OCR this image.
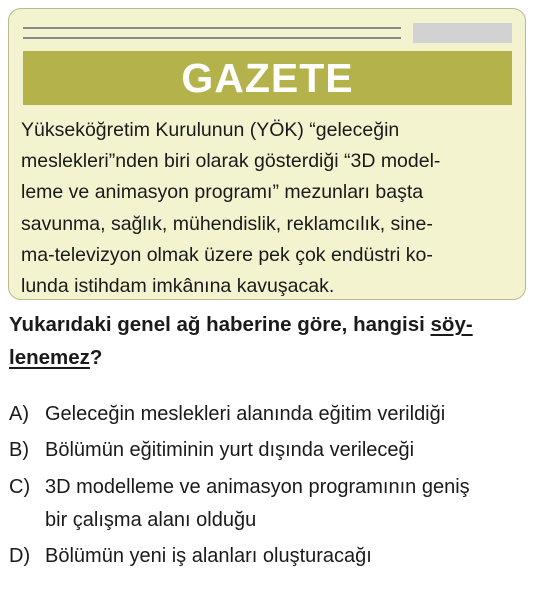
GAZETE

Yükseköğretim Kurulunun (YÖK) “geleceğin
meslekleri”nden biri olarak gösterdiği “3D model-
leme ve animasyon programı” mezunları başta
savunma, sağlık, mühendislik, reklamcılık, sine-
ma-televizyon olmak üzere pek çok endüstri ko-
lunda istihdam imkânına kavuşacak.

Yukarıdaki genel ağ haberine göre, hangisi söy-
lenemez?

A) Geleceğin meslekleri alanında eğitim verildiği
B) Bölümün eğitiminin yurt dışında verileceği
C) 3D modelleme ve animasyon programının geniş
bir çalışma alanı olduğu
D) Bölümün yeni iş alanları oluşturacağı
